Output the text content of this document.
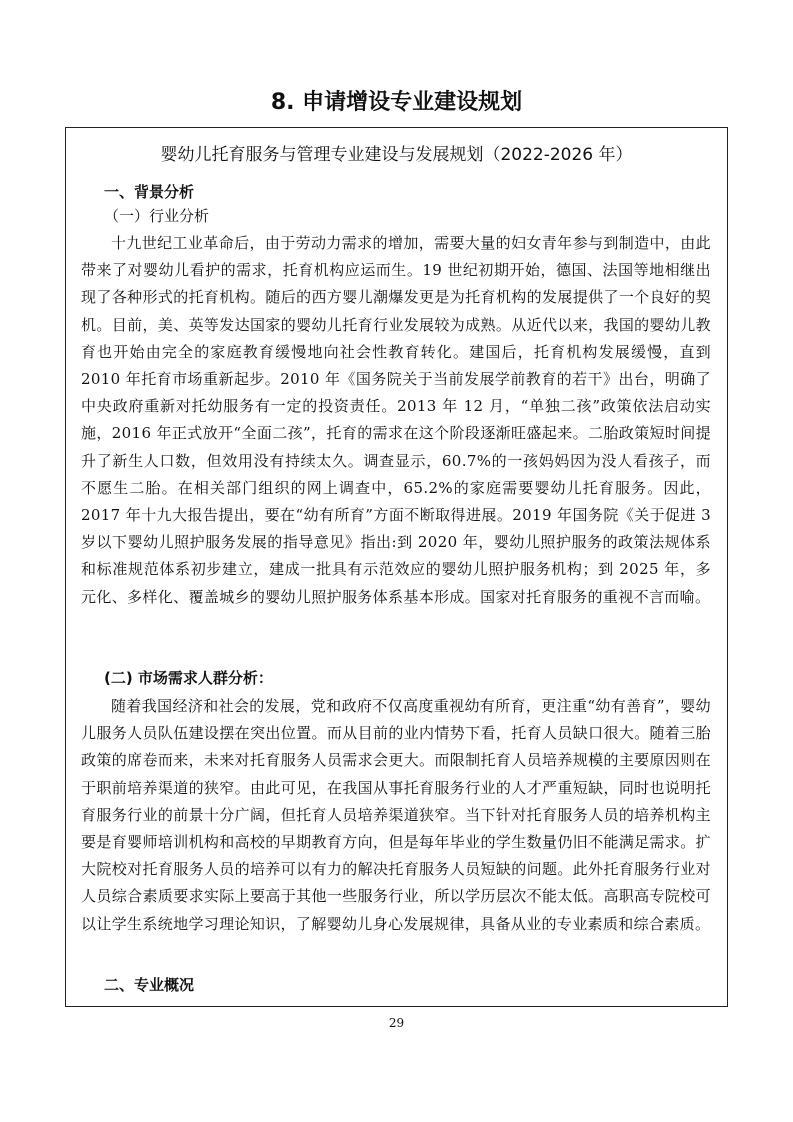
8. 申请增设专业建设规划
婴幼儿托育服务与管理专业建设与发展规划（2022-2026 年）
一、背景分析
（一）行业分析

十九世纪工业革命后，由于劳动力需求的增加，需要大量的妇女青年参与到制造中，由此带来了对婴幼儿看护的需求，托育机构应运而生。19 世纪初期开始，德国、法国等地相继出现了各种形式的托育机构。随后的西方婴儿潮爆发更是为托育机构的发展提供了一个良好的契机。目前，美、英等发达国家的婴幼儿托育行业发展较为成熟。从近代以来，我国的婴幼儿教育也开始由完全的家庭教育缓慢地向社会性教育转化。建国后，托育机构发展缓慢，直到 2010 年托育市场重新起步。2010 年《国务院关于当前发展学前教育的若干》出台，明确了中央政府重新对托幼服务有一定的投资责任。2013 年 12 月，“单独二孩”政策依法启动实施，2016 年正式放开“全面二孩”，托育的需求在这个阶段逐渐旺盛起来。二胎政策短时间提升了新生人口数，但效用没有持续太久。调查显示，60.7%的一孩妈妈因为没人看孩子，而不愿生二胎。在相关部门组织的网上调查中，65.2%的家庭需要婴幼儿托育服务。因此，2017 年十九大报告提出，要在“幼有所育”方面不断取得进展。2019 年国务院《关于促进 3 岁以下婴幼儿照护服务发展的指导意见》指出:到 2020 年，婴幼儿照护服务的政策法规体系和标准规范体系初步建立，建成一批具有示范效应的婴幼儿照护服务机构；到 2025 年，多元化、多样化、覆盖城乡的婴幼儿照护服务体系基本形成。国家对托育服务的重视不言而喻。

(二) 市场需求人群分析：

随着我国经济和社会的发展，党和政府不仅高度重视幼有所育，更注重“幼有善育”，婴幼儿服务人员队伍建设摆在突出位置。而从目前的业内情势下看，托育人员缺口很大。随着三胎政策的席卷而来，未来对托育服务人员需求会更大。而限制托育人员培养规模的主要原因则在于职前培养渠道的狭窄。由此可见，在我国从事托育服务行业的人才严重短缺，同时也说明托育服务行业的前景十分广阔，但托育人员培养渠道狭窄。当下针对托育服务人员的培养机构主要是育婴师培训机构和高校的早期教育方向，但是每年毕业的学生数量仍旧不能满足需求。扩大院校对托育服务人员的培养可以有力的解决托育服务人员短缺的问题。此外托育服务行业对人员综合素质要求实际上要高于其他一些服务行业，所以学历层次不能太低。高职高专院校可以让学生系统地学习理论知识，了解婴幼儿身心发展规律，具备从业的专业素质和综合素质。

二、专业概况
29
